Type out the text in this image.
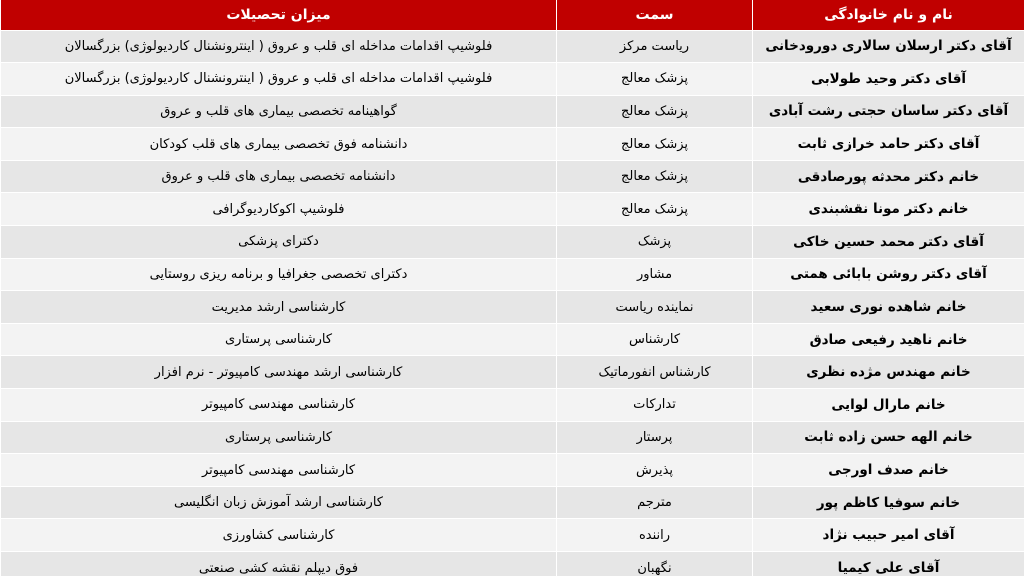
نام و نام خانوادگی	سمت	میزان تحصیلات
آقای دکتر ارسلان سالاری دورودخانی	ریاست مرکز	فلوشیپ اقدامات مداخله ای قلب و عروق ( اینترونشنال کاردیولوژی) بزرگسالان
آقای دکتر وحید طولابی	پزشک معالج	فلوشیپ اقدامات مداخله ای قلب و عروق ( اینترونشنال کاردیولوژی) بزرگسالان
آقای دکتر ساسان حجتی رشت آبادی	پزشک معالج	گواهینامه تخصصی بیماری های قلب و عروق
آقای دکتر حامد خرازی ثابت	پزشک معالج	دانشنامه فوق تخصصی بیماری های قلب کودکان
خانم دکتر محدثه پورصادقی	پزشک معالج	دانشنامه تخصصی بیماری های قلب و عروق
خانم دکتر مونا نقشبندی	پزشک معالج	فلوشیپ اکوکاردیوگرافی
آقای دکتر محمد حسین خاکی	پزشک	دکترای پزشکی
آقای دکتر روشن بابائی همتی	مشاور	دکترای تخصصی جغرافیا و برنامه ریزی روستایی
خانم شاهده نوری سعید	نماینده ریاست	کارشناسی ارشد مدیریت
خانم ناهید رفیعی صادق	کارشناس	کارشناسی پرستاری
خانم مهندس مژده نظری	کارشناس انفورماتیک	کارشناسی ارشد مهندسی کامپیوتر - نرم افزار
خانم مارال لوایی	تدارکات	کارشناسی مهندسی کامپیوتر
خانم الهه حسن زاده ثابت	پرستار	کارشناسی پرستاری
خانم صدف اورجی	پذیرش	کارشناسی مهندسی کامپیوتر
خانم سوفیا کاظم پور	مترجم	کارشناسی ارشد آموزش زبان انگلیسی
آقای امیر حبیب نژاد	راننده	کارشناسی کشاورزی
آقای علی کیمیا	نگهبان	فوق دیپلم نقشه کشی صنعتی
